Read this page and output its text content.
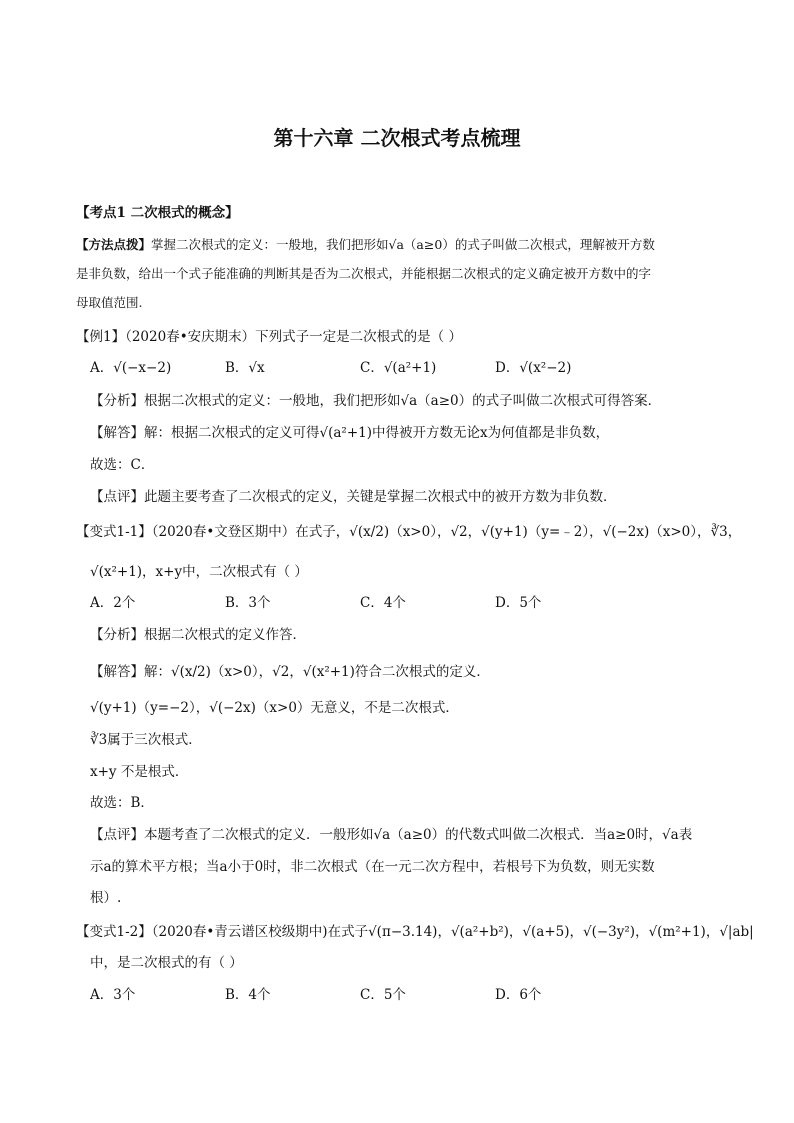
第十六章 二次根式考点梳理
【考点1 二次根式的概念】
【方法点拨】掌握二次根式的定义：一般地，我们把形如√a（a≥0）的式子叫做二次根式，理解被开方数
是非负数，给出一个式子能准确的判断其是否为二次根式，并能根据二次根式的定义确定被开方数中的字
母取值范围.
【例1】（2020春•安庆期末）下列式子一定是二次根式的是（ ）
A．√(−x−2)	B．√x	C．√(a²+1)	D．√(x²−2)
【分析】根据二次根式的定义：一般地，我们把形如√a（a≥0）的式子叫做二次根式可得答案．
【解答】解：根据二次根式的定义可得√(a²+1)中得被开方数无论x为何值都是非负数，
故选：C．
【点评】此题主要考查了二次根式的定义，关键是掌握二次根式中的被开方数为非负数．
【变式1-1】（2020春•文登区期中）在式子，√(x/2)（x>0），√2，√(y+1)（y=﹣2），√(−2x)（x>0），∛3，
√(x²+1)，x+y中，二次根式有（ ）
A．2个	B．3个	C．4个	D．5个
【分析】根据二次根式的定义作答．
【解答】解：√(x/2)（x>0），√2，√(x²+1)符合二次根式的定义．
√(y+1)（y=−2），√(−2x)（x>0）无意义，不是二次根式．
∛3属于三次根式．
x+y 不是根式．
故选：B．
【点评】本题考查了二次根式的定义．一般形如√a（a≥0）的代数式叫做二次根式．当a≥0时，√a表
示a的算术平方根；当a小于0时，非二次根式（在一元二次方程中，若根号下为负数，则无实数
根）.
【变式1-2】（2020春•青云谱区校级期中)在式子√(π−3.14)，√(a²+b²)，√(a+5)，√(−3y²)，√(m²+1)，√|ab|
中，是二次根式的有（ ）
A．3个	B．4个	C．5个	D．6个
